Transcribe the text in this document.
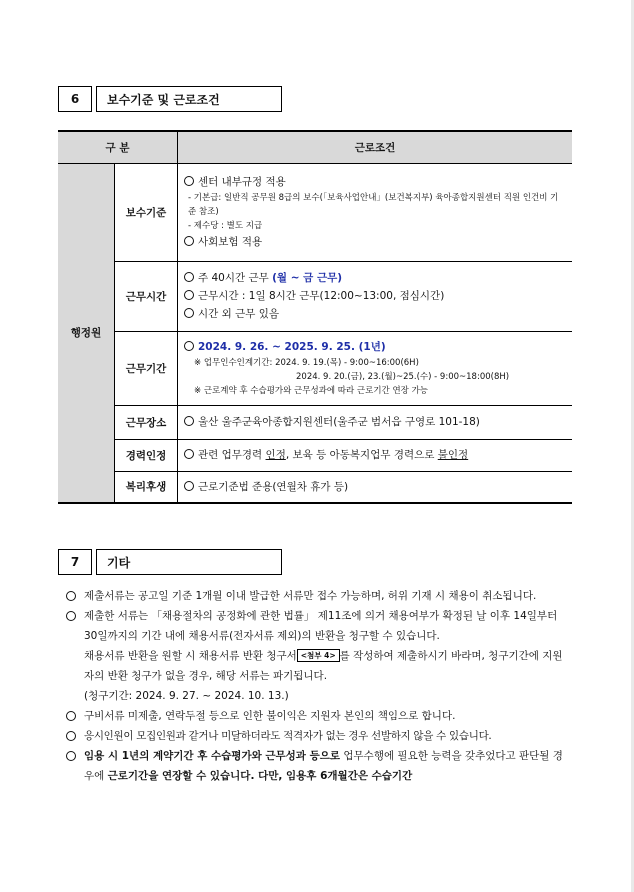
6	보수기준 및 근로조건
구 분		근로조건
행정원	보수기준	센터 내부규정 적용
- 기본급: 일반직 공무원 8급의 보수(「보육사업안내」(보건복지부) 육아종합지원센터 직원 인건비 기준 참조)
- 제수당 : 별도 지급
사회보험 적용

	근무시간	주 40시간 근무 (월 ~ 금 근무)
근무시간 : 1일 8시간 근무(12:00~13:00, 점심시간)
시간 외 근무 있음

	근무기간	2024. 9. 26. ~ 2025. 9. 25. (1년)
※ 업무인수인계기간: 2024. 9. 19.(목) - 9:00~16:00(6H)
2024. 9. 20.(금), 23.(월)~25.(수) - 9:00~18:00(8H)
※ 근로계약 후 수습평가와 근무성과에 따라 근로기간 연장 가능

	근무장소	울산 울주군육아종합지원센터(울주군 범서읍 구영로 101-18)

	경력인정	관련 업무경력 인정, 보육 등 아동복지업무 경력으로 불인정

	복리후생	근로기준법 준용(연월차 휴가 등)
7	기타
제출서류는 공고일 기준 1개월 이내 발급한 서류만 접수 가능하며, 허위 기재 시 채용이 취소됩니다.
제출한 서류는 「채용절차의 공정화에 관한 법률」 제11조에 의거 채용여부가 확정된 날 이후 14일부터 30일까지의 기간 내에 채용서류(전자서류 제외)의 반환을 청구할 수 있습니다.
채용서류 반환을 원할 시 채용서류 반환 청구서 <첨부 4> 를 작성하여 제출하시기 바라며, 청구기간에 지원자의 반환 청구가 없을 경우, 해당 서류는 파기됩니다.
(청구기간: 2024. 9. 27. ~ 2024. 10. 13.)
구비서류 미제출, 연락두절 등으로 인한 불이익은 지원자 본인의 책임으로 합니다.
응시인원이 모집인원과 같거나 미달하더라도 적격자가 없는 경우 선발하지 않을 수 있습니다.
임용 시 1년의 계약기간 후 수습평가와 근무성과 등으로 업무수행에 필요한 능력을 갖추었다고 판단될 경우에 근로기간을 연장할 수 있습니다. 다만, 임용후 6개월간은 수습기간
